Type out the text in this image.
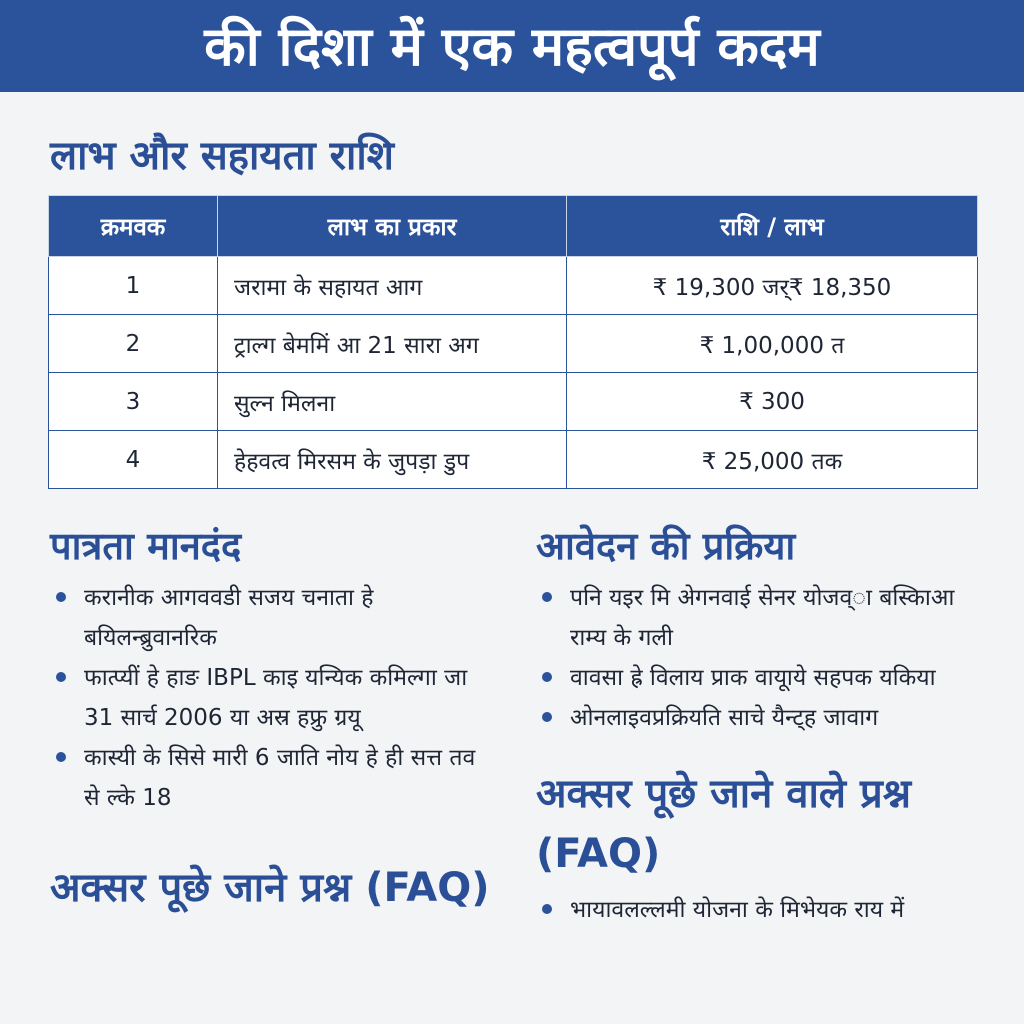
की दिशा में एक महत्वपूर्प कदम
लाभ और सहायता राशि
क्रमवक	लाभ का प्रकार	राशि / लाभ
1	जरामा के सहायत आग	₹ 19,300 जर्₹ 18,350
2	ट्राल्ग बेममिं आ 21 सारा अग	₹ 1,00,000 त
3	सुल्न मिलना	₹ 300
4	हेहवत्व मिरसम के जुपड़ा डुप	₹ 25,000 तक
पात्रता मानदंद
करानीक आगववडी सजय चनाता हे बयिलन्ब्रुवानरिक
फात्प्यीं हे हाङ IBPL काइ यन्यिक कमिल्गा जा 31 सार्च 2006 या अस्र हफ्रु ग्रयू
कास्यी के सिसे मारी 6 जाति नोय हे ही सत्त तव से ल्के 18
अक्सर पूछे जाने प्रश्न (FAQ)
आवेदन की प्रक्रिया
पनि यइर मि अेगनवाई सेनर योजव्ा बस्किाआ राम्य के गली
वावसा ह्रे विलाय प्राक वायूाये सहपक यकिया
ओनलाइवप्रक्रियति साचे यैन्ट्ह जावाग
अक्सर पूछे जाने वाले प्रश्न (FAQ)
भायावलल्लमी योजना के मिभेयक राय में
